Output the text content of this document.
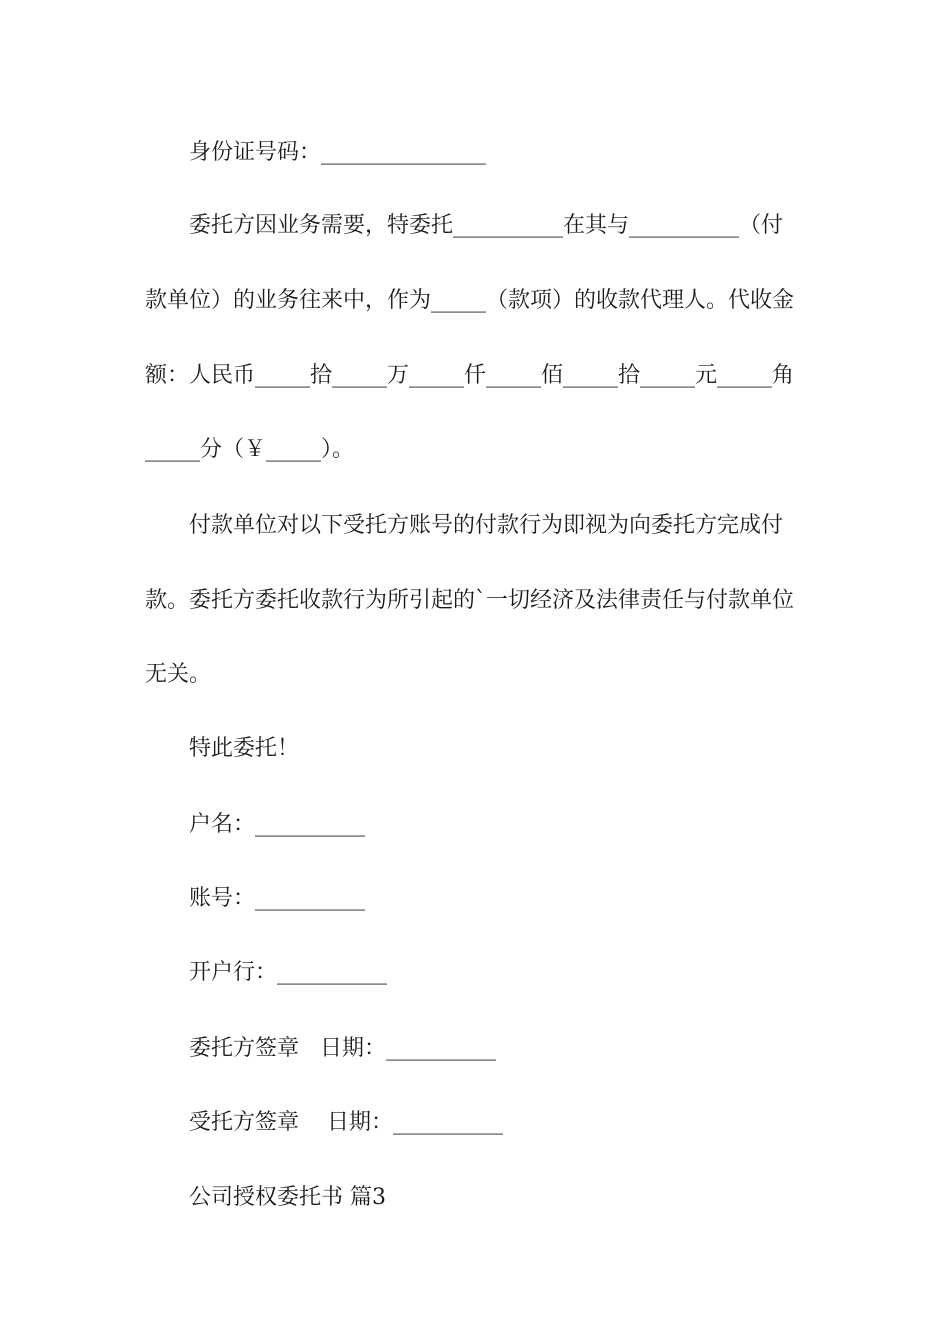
身份证号码：_______________
委托方因业务需要，特委托__________在其与__________（付
款单位）的业务往来中，作为_____（款项）的收款代理人。代收金
额：人民币_____拾_____万_____仟_____佰_____拾_____元_____角
_____分（￥_____）。
付款单位对以下受托方账号的付款行为即视为向委托方完成付
款。委托方委托收款行为所引起的`一切经济及法律责任与付款单位
无关。
特此委托！
户名：__________
账号：__________
开户行：__________
委托方签章   日期：__________
受托方签章    日期：__________
公司授权委托书 篇3
